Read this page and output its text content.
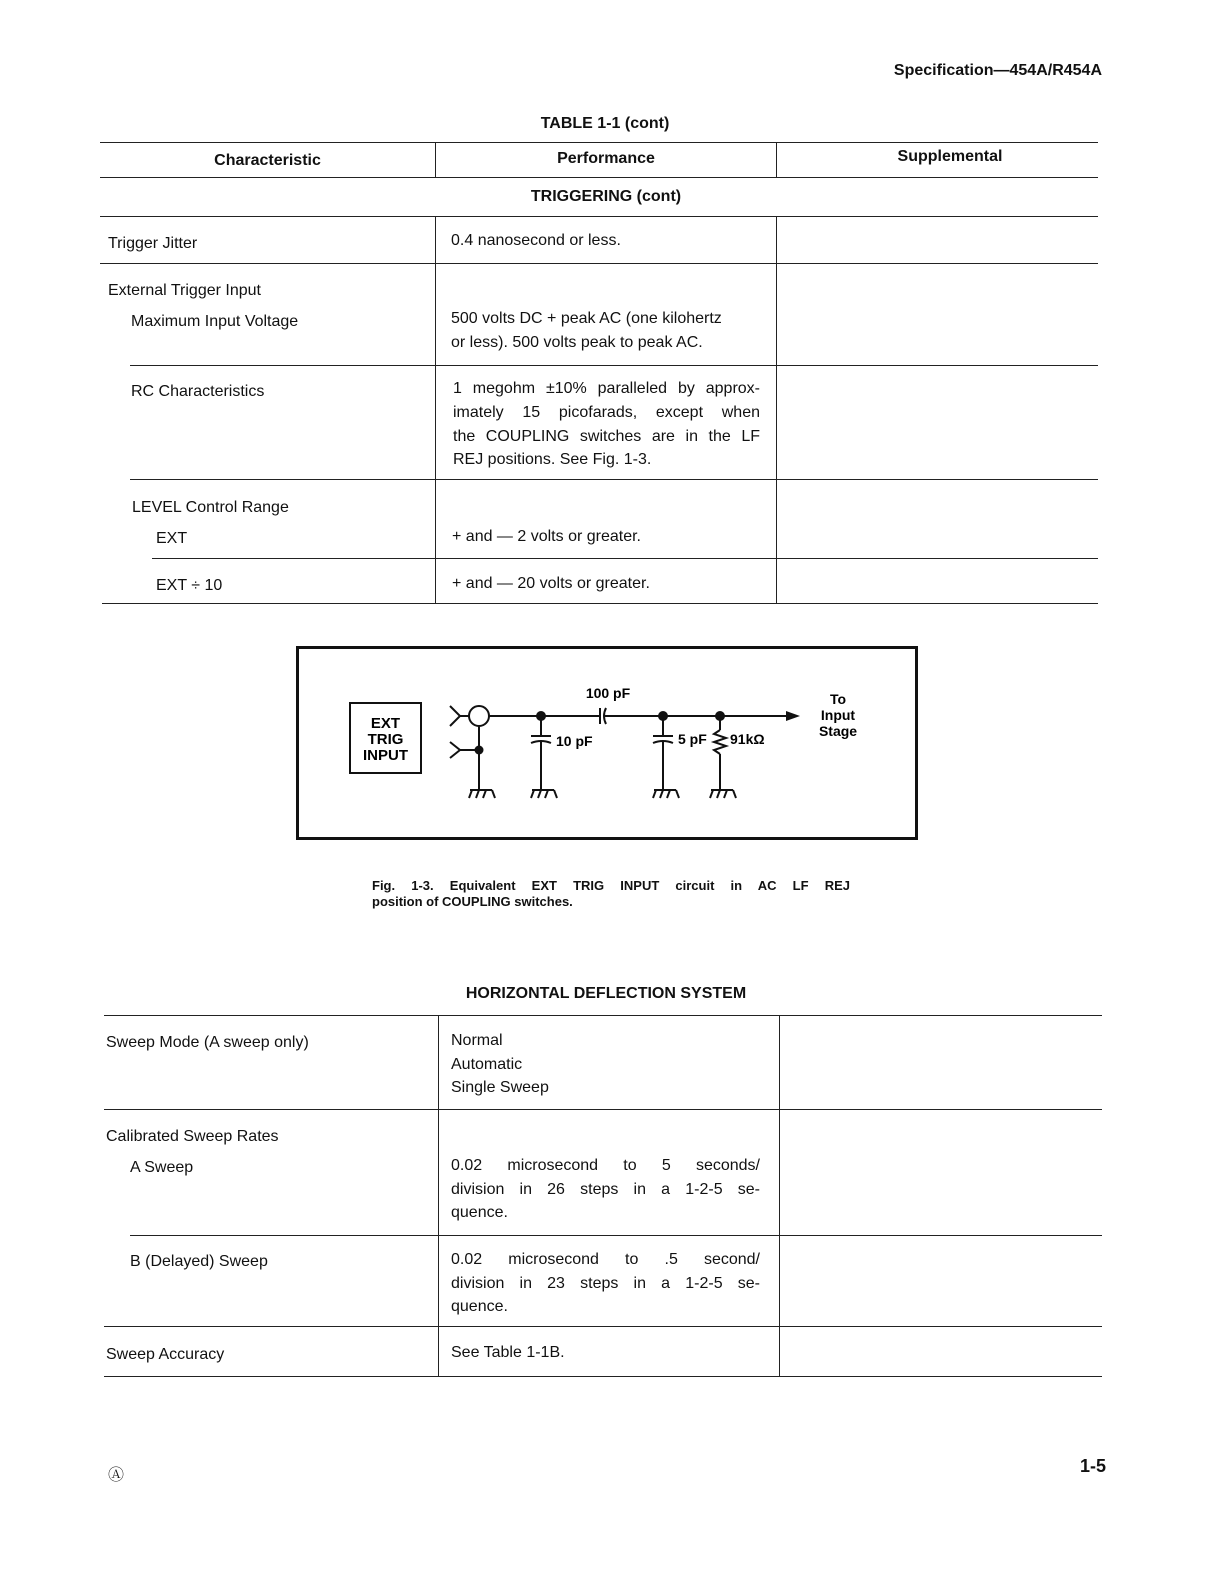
Specification—454A/R454A
TABLE 1-1 (cont)
Characteristic	Performance	Supplemental
TRIGGERING (cont)
Trigger Jitter	0.4 nanosecond or less.
External Trigger Input
Maximum Input Voltage	500 volts DC + peak AC (one kilohertz
or less). 500 volts peak to peak AC.
RC Characteristics	1 megohm ±10% paralleled by approx-
imately 15 picofarads, except when
the COUPLING switches are in the LF
REJ positions. See Fig. 1-3.
LEVEL Control Range
EXT	+ and — 2 volts or greater.
EXT ÷ 10	+ and — 20 volts or greater.
EXT
TRIG
INPUT
100 pF
10 pF	5 pF 91kΩ
To
Input
Stage
Fig. 1-3. Equivalent EXT TRIG INPUT circuit in AC LF REJ
position of COUPLING switches.
HORIZONTAL DEFLECTION SYSTEM
Sweep Mode (A sweep only)	Normal
Automatic
Single Sweep
Calibrated Sweep Rates
A Sweep	0.02 microsecond to 5 seconds/
division in 26 steps in a 1-2-5 se-
quence.
B (Delayed) Sweep	0.02 microsecond to .5 second/
division in 23 steps in a 1-2-5 se-
quence.
Sweep Accuracy	See Table 1-1B.
Ⓐ	1-5
